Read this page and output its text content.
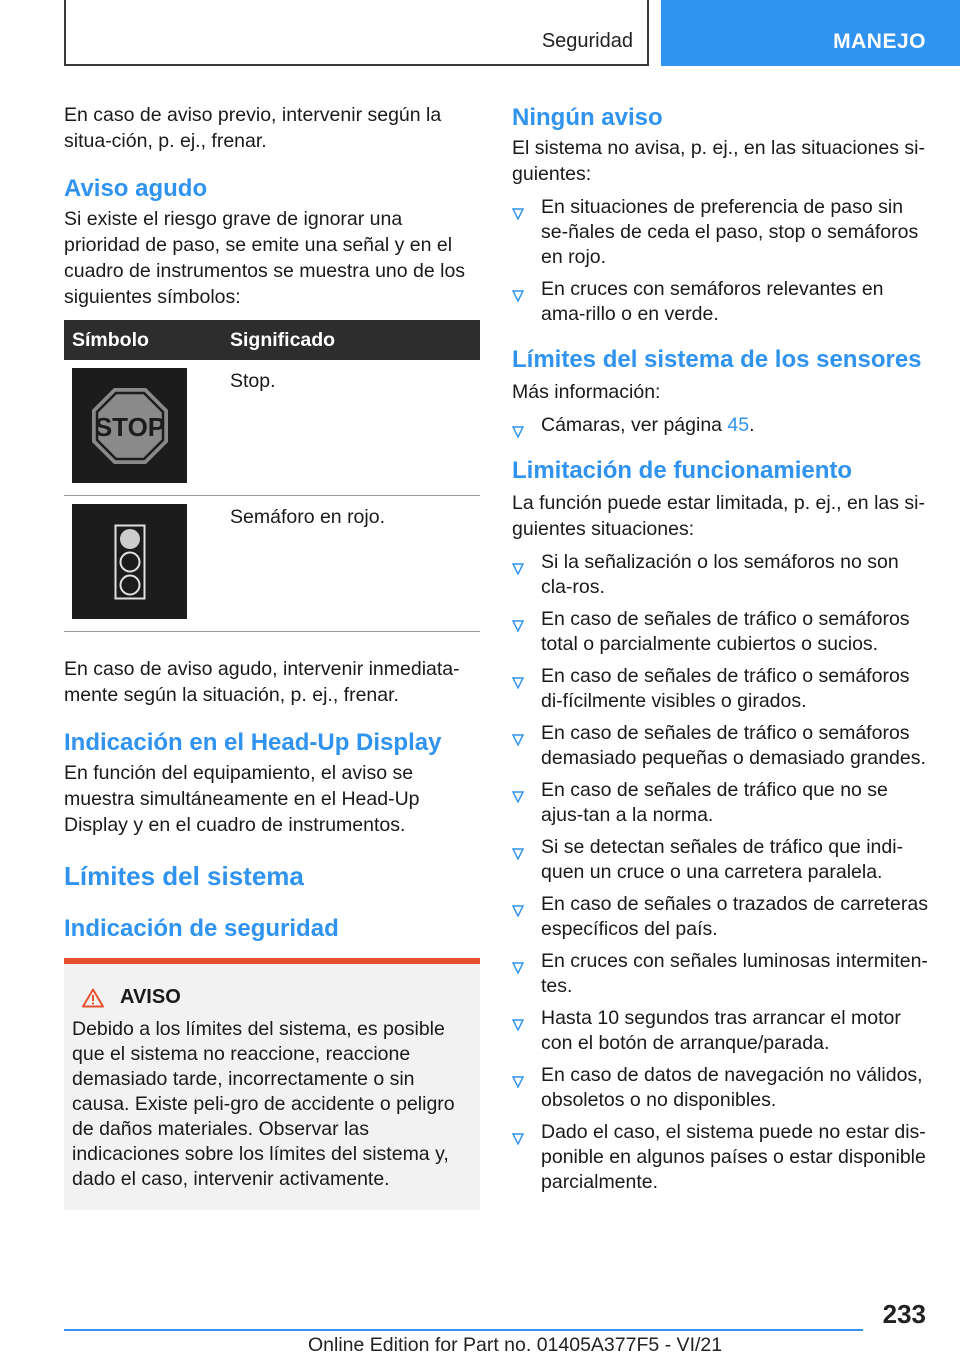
Seguridad	MANEJO

En caso de aviso previo, intervenir según la situa‐ción, p. ej., frenar.

Aviso agudo

Si existe el riesgo grave de ignorar una prioridad de paso, se emite una señal y en el cuadro de instrumentos se muestra uno de los siguientes símbolos:

Símbolo	Significado
STOP
Stop.
Semáforo en rojo.

En caso de aviso agudo, intervenir inmediata‐mente según la situación, p. ej., frenar.

Indicación en el Head-Up Display

En función del equipamiento, el aviso se muestra simultáneamente en el Head-Up Display y en el cuadro de instrumentos.

Límites del sistema
Indicación de seguridad
AVISO

Debido a los límites del sistema, es posible que el sistema no reaccione, reaccione demasiado tarde, incorrectamente o sin causa. Existe peli‐gro de accidente o peligro de daños materiales. Observar las indicaciones sobre los límites del sistema y, dado el caso, intervenir activamente.

Ningún aviso

El sistema no avisa, p. ej., en las situaciones si‐guientes:

En situaciones de preferencia de paso sin se‐ñales de ceda el paso, stop o semáforos en rojo.
En cruces con semáforos relevantes en ama‐rillo o en verde.
Límites del sistema de los sensores

Más información:

Cámaras, ver página 45.
Limitación de funcionamiento

La función puede estar limitada, p. ej., en las si‐guientes situaciones:

Si la señalización o los semáforos no son cla‐ros.
En caso de señales de tráfico o semáforos total o parcialmente cubiertos o sucios.
En caso de señales de tráfico o semáforos di‐fícilmente visibles o girados.
En caso de señales de tráfico o semáforos demasiado pequeñas o demasiado grandes.
En caso de señales de tráfico que no se ajus‐tan a la norma.
Si se detectan señales de tráfico que indi‐quen un cruce o una carretera paralela.
En caso de señales o trazados de carreteras específicos del país.
En cruces con señales luminosas intermiten‐tes.
Hasta 10 segundos tras arrancar el motor con el botón de arranque/parada.
En caso de datos de navegación no válidos, obsoletos o no disponibles.
Dado el caso, el sistema puede no estar dis‐ponible en algunos países o estar disponible parcialmente.
233
Online Edition for Part no. 01405A377F5 - VI/21
